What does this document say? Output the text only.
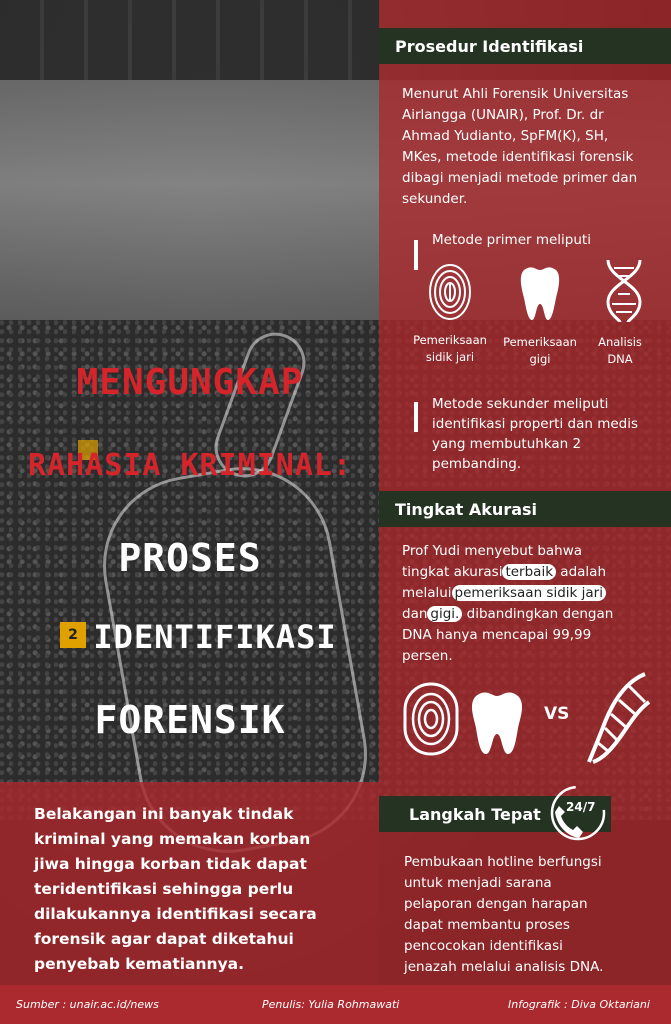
2
Prosedur Identifikasi
Menurut Ahli Forensik Universitas
Airlangga (UNAIR), Prof. Dr. dr
Ahmad Yudianto, SpFM(K), SH,
MKes, metode identifikasi forensik
dibagi menjadi metode primer dan
sekunder.
Metode primer meliputi
Pemeriksaan
sidik jari
Pemeriksaan
gigi
Analisis
DNA
Metode sekunder meliputi
identifikasi properti dan medis
yang membutuhkan 2
pembanding.
Tingkat Akurasi
Prof Yudi menyebut bahwa
tingkat akurasi terbaik adalah
melalui pemeriksaan sidik jari
dan gigi. dibandingkan dengan
DNA hanya mencapai 99,99
persen.
VS
Langkah Tepat 24/7
Pembukaan hotline berfungsi
untuk menjadi sarana
pelaporan dengan harapan
dapat membantu proses
pencocokan identifikasi
jenazah melalui analisis DNA.
MENGUNGKAP
RAHASIA KRIMINAL:
PROSES
IDENTIFIKASI
FORENSIK
Belakangan ini banyak tindak
kriminal yang memakan korban
jiwa hingga korban tidak dapat
teridentifikasi sehingga perlu
dilakukannya identifikasi secara
forensik agar dapat diketahui
penyebab kematiannya.
Sumber : unair.ac.id/news	Penulis: Yulia Rohmawati	Infografik : Diva Oktariani
